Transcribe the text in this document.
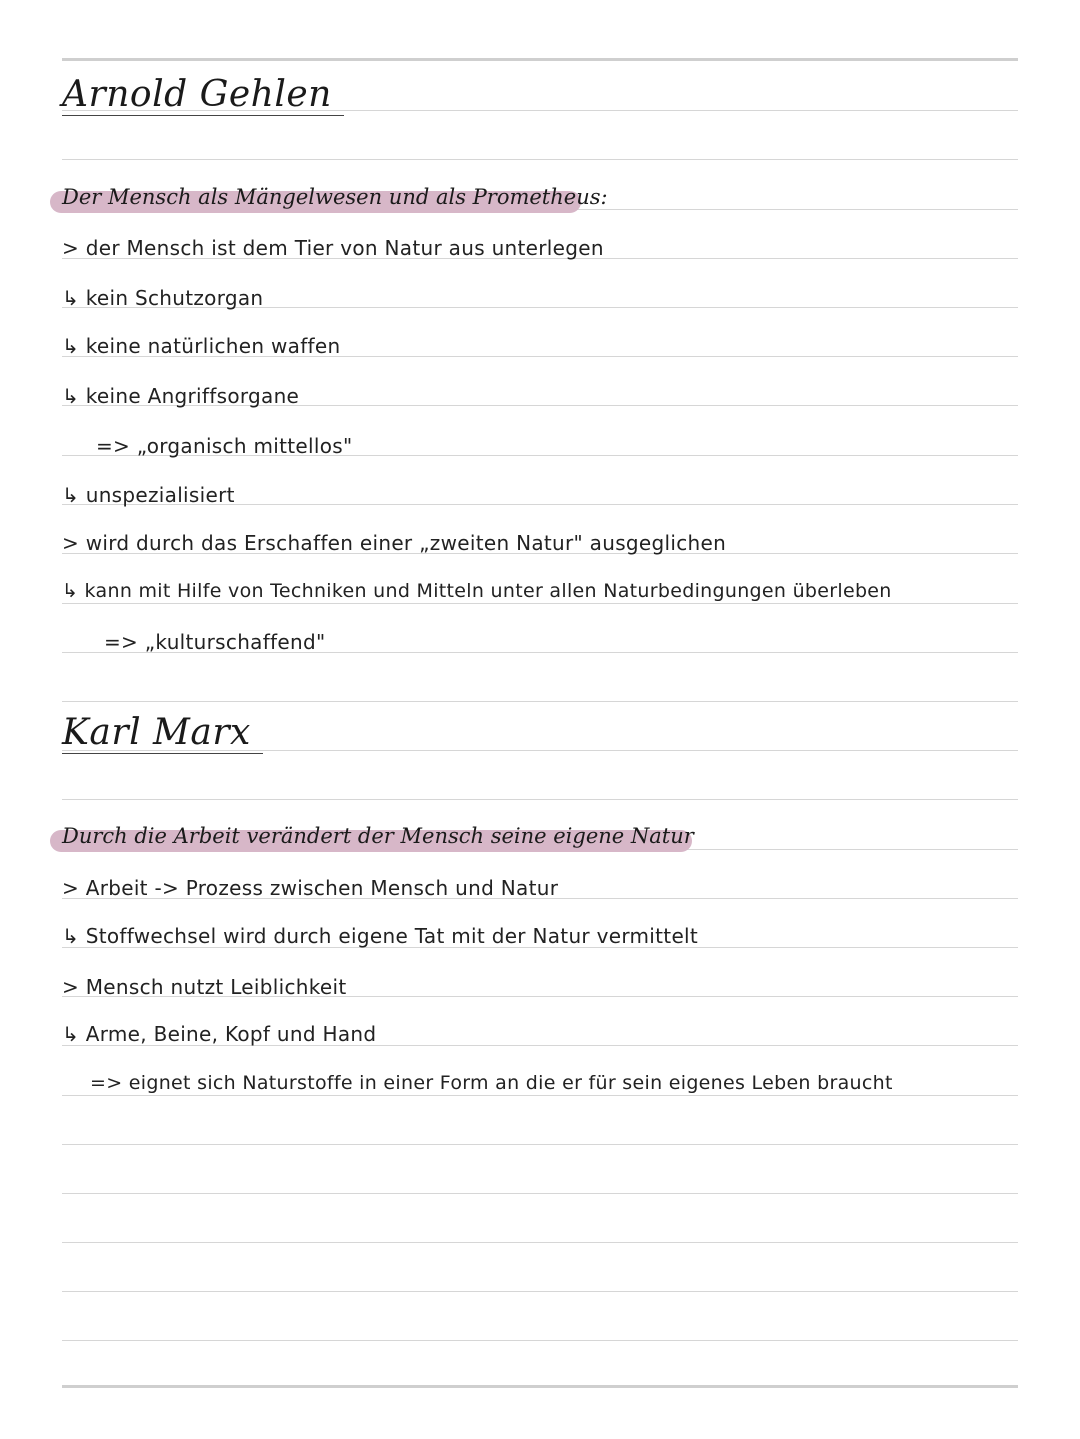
Arnold Gehlen
Der Mensch als Mängelwesen und als Prometheus:
> der Mensch ist dem Tier von Natur aus unterlegen
↳ kein Schutzorgan
↳ keine natürlichen waffen
↳ keine Angriffsorgane
=> „organisch mittellos"
↳ unspezialisiert
> wird durch das Erschaffen einer „zweiten Natur" ausgeglichen
↳ kann mit Hilfe von Techniken und Mitteln unter allen Naturbedingungen überleben
=> „kulturschaffend"
Karl Marx
Durch die Arbeit verändert der Mensch seine eigene Natur
> Arbeit -> Prozess zwischen Mensch und Natur
↳ Stoffwechsel wird durch eigene Tat mit der Natur vermittelt
> Mensch nutzt Leiblichkeit
↳ Arme, Beine, Kopf und Hand
=> eignet sich Naturstoffe in einer Form an die er für sein eigenes Leben braucht
